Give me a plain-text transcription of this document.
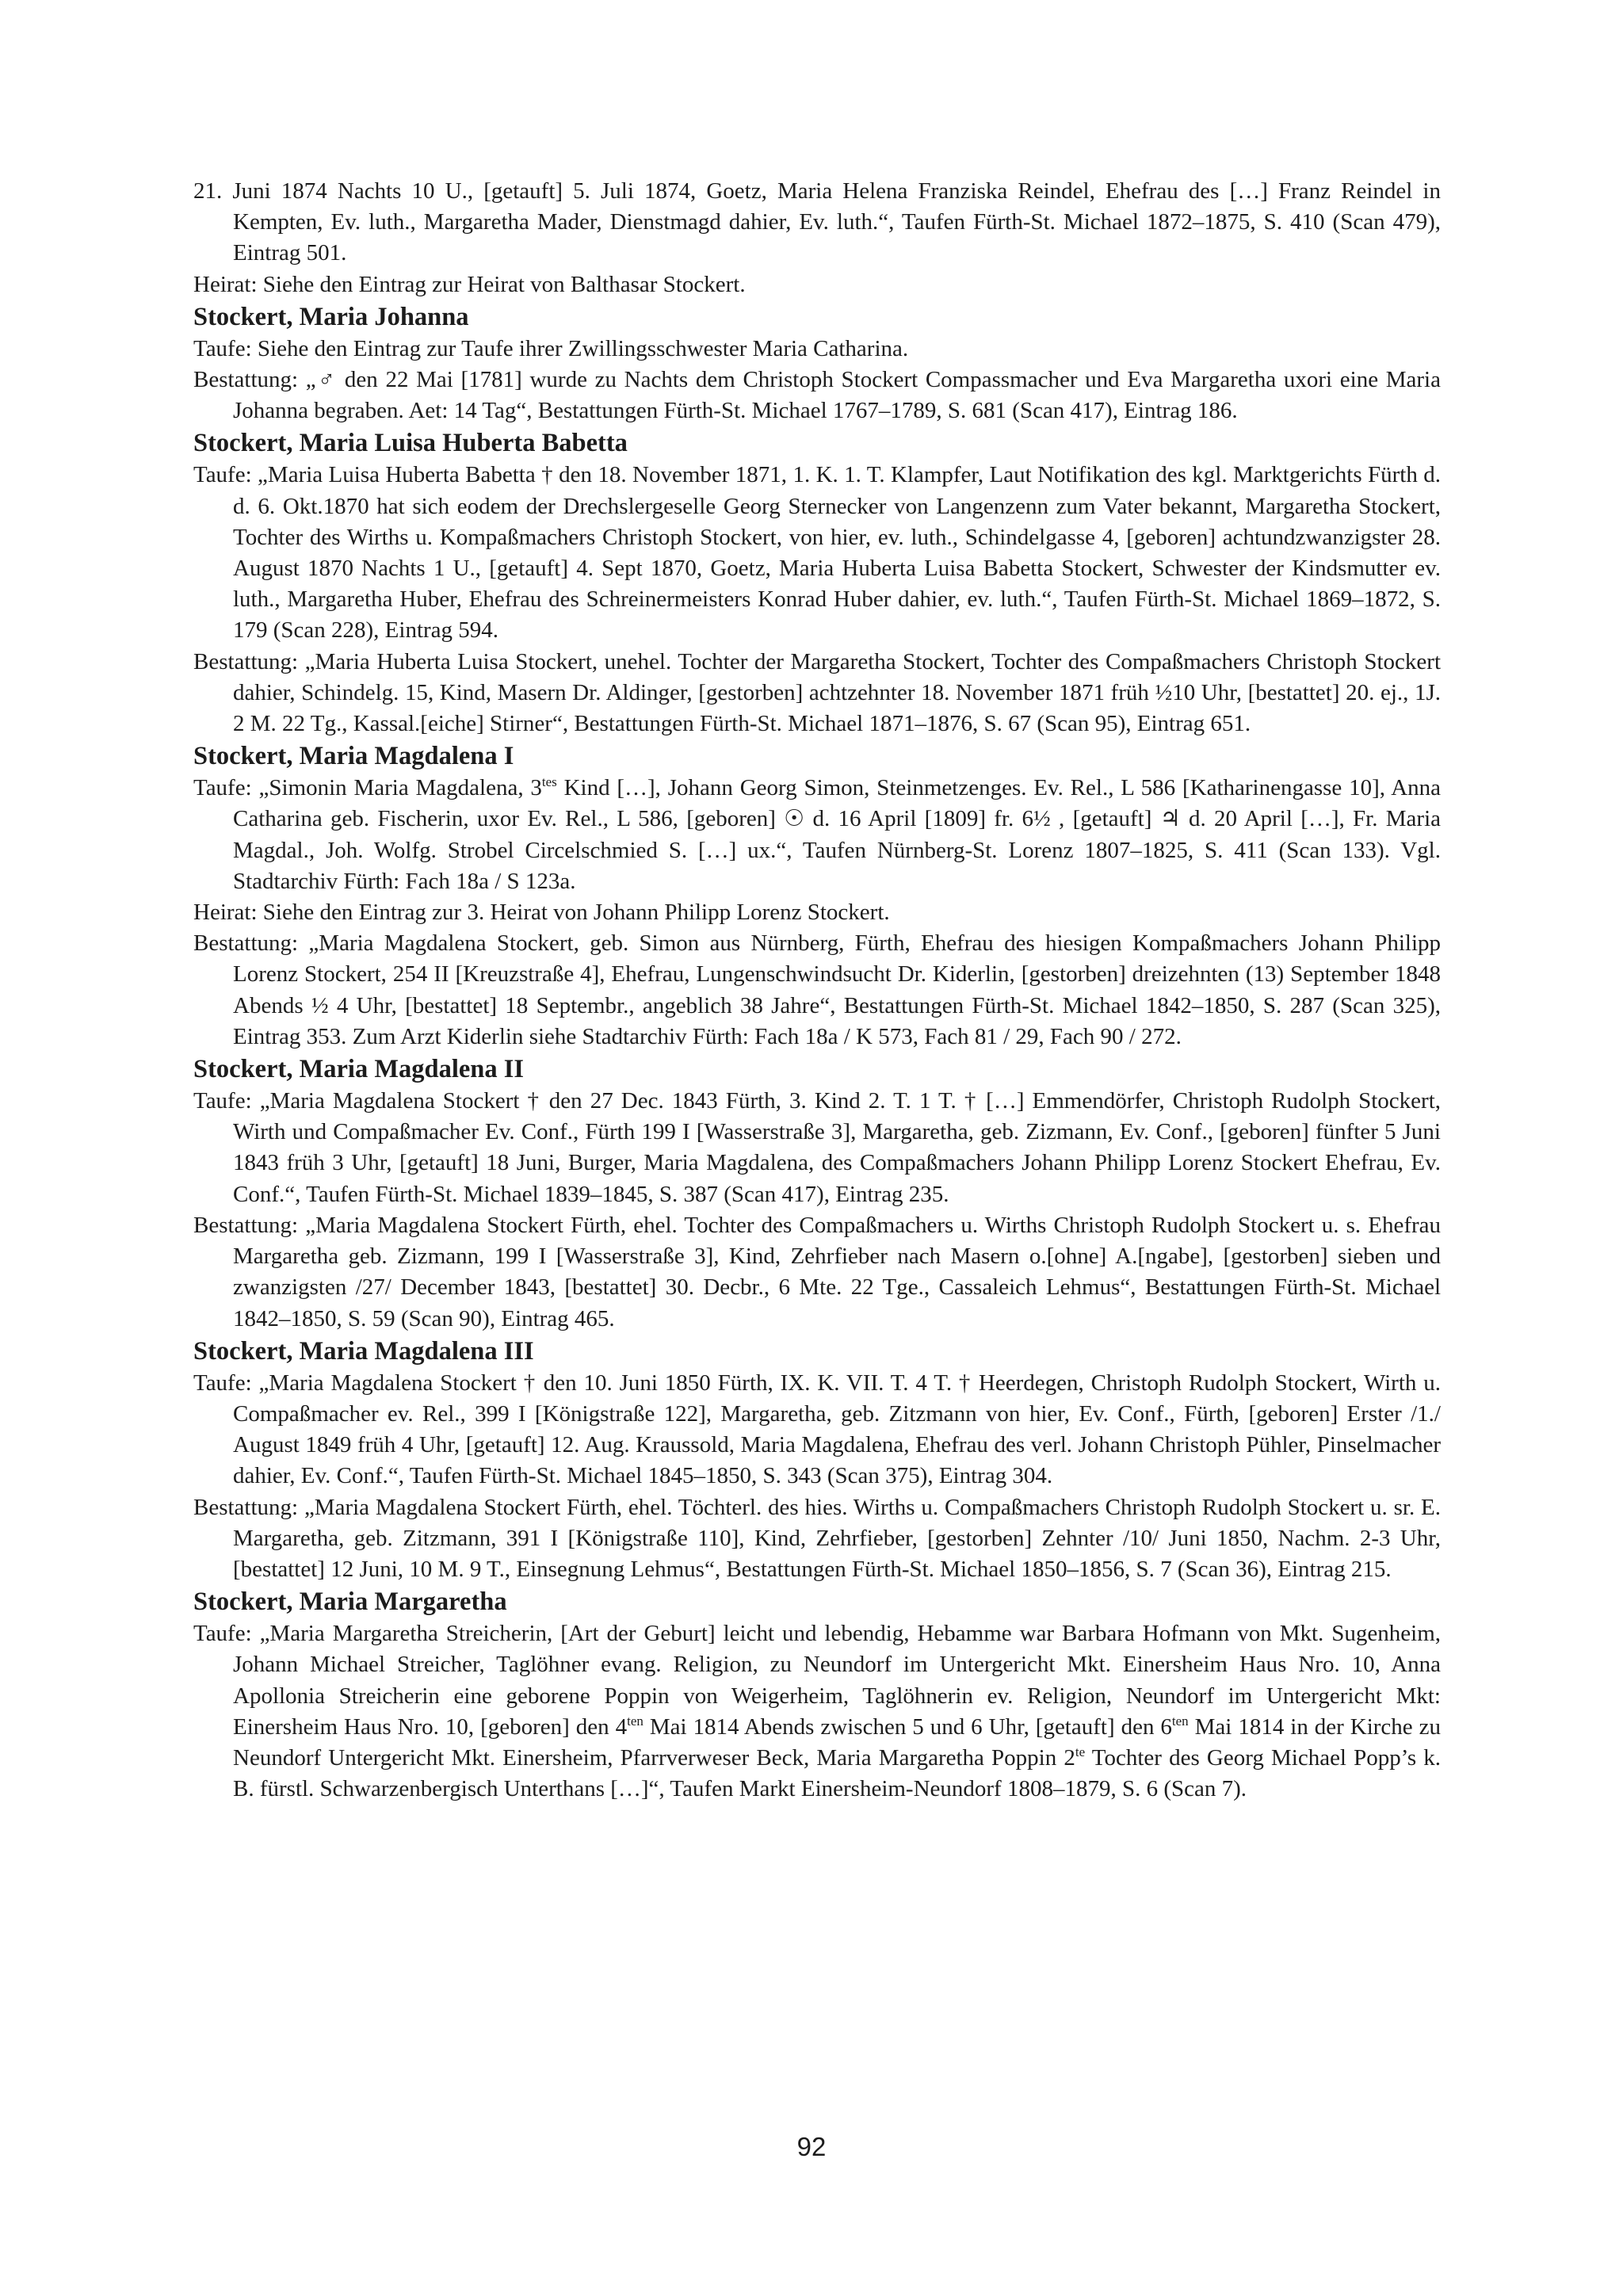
21. Juni 1874 Nachts 10 U., [getauft] 5. Juli 1874, Goetz, Maria Helena Franziska Reindel, Ehefrau des […] Franz Reindel in Kempten, Ev. luth., Margaretha Mader, Dienstmagd dahier, Ev. luth.“, Taufen Fürth-St. Michael 1872–1875, S. 410 (Scan 479), Eintrag 501.

Heirat: Siehe den Eintrag zur Heirat von Balthasar Stockert.

Stockert, Maria Johanna

Taufe: Siehe den Eintrag zur Taufe ihrer Zwillingsschwester Maria Catharina.

Bestattung: „♂ den 22 Mai [1781] wurde zu Nachts dem Christoph Stockert Compassmacher und Eva Margaretha uxori eine Maria Johanna begraben. Aet: 14 Tag“, Bestattungen Fürth-St. Michael 1767–1789, S. 681 (Scan 417), Eintrag 186.

Stockert, Maria Luisa Huberta Babetta

Taufe: „Maria Luisa Huberta Babetta † den 18. November 1871, 1. K. 1. T. Klampfer, Laut Notifikation des kgl. Marktgerichts Fürth d. d. 6. Okt.1870 hat sich eodem der Drechslergeselle Georg Sternecker von Langenzenn zum Vater bekannt, Margaretha Stockert, Tochter des Wirths u. Kompaßmachers Christoph Stockert, von hier, ev. luth., Schindelgasse 4, [geboren] achtundzwanzigster 28. August 1870 Nachts 1 U., [getauft] 4. Sept 1870, Goetz, Maria Huberta Luisa Babetta Stockert, Schwester der Kindsmutter ev. luth., Margaretha Huber, Ehefrau des Schreinermeisters Konrad Huber dahier, ev. luth.“, Taufen Fürth-St. Michael 1869–1872, S. 179 (Scan 228), Eintrag 594.

Bestattung: „Maria Huberta Luisa Stockert, unehel. Tochter der Margaretha Stockert, Tochter des Compaßmachers Christoph Stockert dahier, Schindelg. 15, Kind, Masern Dr. Aldinger, [gestorben] achtzehnter 18. November 1871 früh ½10 Uhr, [bestattet] 20. ej., 1J. 2 M. 22 Tg., Kassal.[eiche] Stirner“, Bestattungen Fürth-St. Michael 1871–1876, S. 67 (Scan 95), Eintrag 651.

Stockert, Maria Magdalena I

Taufe: „Simonin Maria Magdalena, $3^{tes}$ Kind […], Johann Georg Simon, Steinmetzenges. Ev. Rel., L 586 [Katharinengasse 10], Anna Catharina geb. Fischerin, uxor Ev. Rel., L 586, [geboren] ☉ d. 16 April [1809] fr. 6½ , [getauft] ♃ d. 20 April […], Fr. Maria Magdal., Joh. Wolfg. Strobel Circelschmied S. […] ux.“, Taufen Nürnberg-St. Lorenz 1807–1825, S. 411 (Scan 133). Vgl. Stadtarchiv Fürth: Fach 18a / S 123a.

Heirat: Siehe den Eintrag zur 3. Heirat von Johann Philipp Lorenz Stockert.

Bestattung: „Maria Magdalena Stockert, geb. Simon aus Nürnberg, Fürth, Ehefrau des hiesigen Kompaßmachers Johann Philipp Lorenz Stockert, 254 II [Kreuzstraße 4], Ehefrau, Lungenschwindsucht Dr. Kiderlin, [gestorben] dreizehnten (13) September 1848 Abends ½ 4 Uhr, [bestattet] 18 Septembr., angeblich 38 Jahre“, Bestattungen Fürth-St. Michael 1842–1850, S. 287 (Scan 325), Eintrag 353. Zum Arzt Kiderlin siehe Stadtarchiv Fürth: Fach 18a / K 573, Fach 81 / 29, Fach 90 / 272.

Stockert, Maria Magdalena II

Taufe: „Maria Magdalena Stockert † den 27 Dec. 1843 Fürth, 3. Kind 2. T. 1 T. † […] Emmendörfer, Christoph Rudolph Stockert, Wirth und Compaßmacher Ev. Conf., Fürth 199 I [Wasserstraße 3], Margaretha, geb. Zizmann, Ev. Conf., [geboren] fünfter 5 Juni 1843 früh 3 Uhr, [getauft] 18 Juni, Burger, Maria Magdalena, des Compaßmachers Johann Philipp Lorenz Stockert Ehefrau, Ev. Conf.“, Taufen Fürth-St. Michael 1839–1845, S. 387 (Scan 417), Eintrag 235.

Bestattung: „Maria Magdalena Stockert Fürth, ehel. Tochter des Compaßmachers u. Wirths Christoph Rudolph Stockert u. s. Ehefrau Margaretha geb. Zizmann, 199 I [Wasserstraße 3], Kind, Zehrfieber nach Masern o.[ohne] A.[ngabe], [gestorben] sieben und zwanzigsten /27/ December 1843, [bestattet] 30. Decbr., 6 Mte. 22 Tge., Cassaleich Lehmus“, Bestattungen Fürth-St. Michael 1842–1850, S. 59 (Scan 90), Eintrag 465.

Stockert, Maria Magdalena III

Taufe: „Maria Magdalena Stockert † den 10. Juni 1850 Fürth, IX. K. VII. T. 4 T. † Heerdegen, Christoph Rudolph Stockert, Wirth u. Compaßmacher ev. Rel., 399 I [Königstraße 122], Margaretha, geb. Zitzmann von hier, Ev. Conf., Fürth, [geboren] Erster /1./ August 1849 früh 4 Uhr, [getauft] 12. Aug. Kraussold, Maria Magdalena, Ehefrau des verl. Johann Christoph Pühler, Pinselmacher dahier, Ev. Conf.“, Taufen Fürth-St. Michael 1845–1850, S. 343 (Scan 375), Eintrag 304.

Bestattung: „Maria Magdalena Stockert Fürth, ehel. Töchterl. des hies. Wirths u. Compaßmachers Christoph Rudolph Stockert u. sr. E. Margaretha, geb. Zitzmann, 391 I [Königstraße 110], Kind, Zehrfieber, [gestorben] Zehnter /10/ Juni 1850, Nachm. 2-3 Uhr, [bestattet] 12 Juni, 10 M. 9 T., Einsegnung Lehmus“, Bestattungen Fürth-St. Michael 1850–1856, S. 7 (Scan 36), Eintrag 215.

Stockert, Maria Margaretha

Taufe: „Maria Margaretha Streicherin, [Art der Geburt] leicht und lebendig, Hebamme war Barbara Hofmann von Mkt. Sugenheim, Johann Michael Streicher, Taglöhner evang. Religion, zu Neundorf im Untergericht Mkt. Einersheim Haus Nro. 10, Anna Apollonia Streicherin eine geborene Poppin von Weigerheim, Taglöhnerin ev. Religion, Neundorf im Untergericht Mkt: Einersheim Haus Nro. 10, [geboren] den $4^{ten}$ Mai 1814 Abends zwischen 5 und 6 Uhr, [getauft] den $6^{ten}$ Mai 1814 in der Kirche zu Neundorf Untergericht Mkt. Einersheim, Pfarrverweser Beck, Maria Margaretha Poppin $2^{te}$ Tochter des Georg Michael Popp’s k. B. fürstl. Schwarzenbergisch Unterthans […]“, Taufen Markt Einersheim-Neundorf 1808–1879, S. 6 (Scan 7).

92
